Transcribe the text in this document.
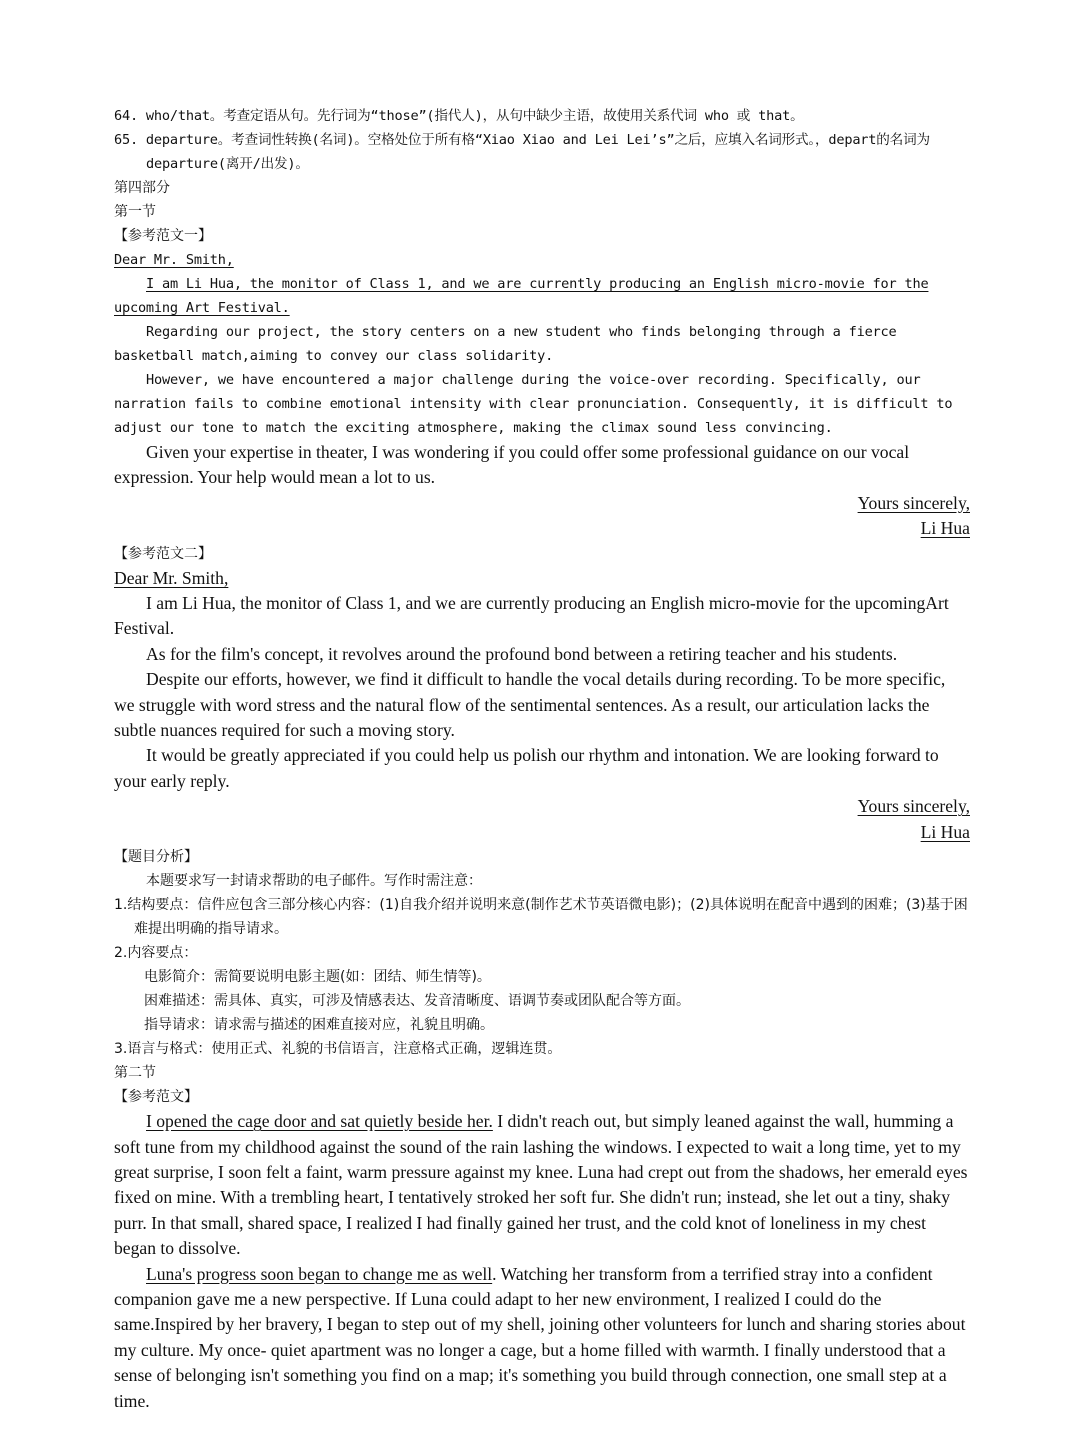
64. who/that。考查定语从句。先行词为“those”(指代人)，从句中缺少主语，故使用关系代词 who 或 that。

65. departure。考查词性转换(名词)。空格处位于所有格“Xiao Xiao and Lei Lei’s”之后，应填入名词形式。，depart的名词为 departure(离开/出发)。

第四部分

第一节

【参考范文一】

Dear Mr. Smith,

I am Li Hua, the monitor of Class 1, and we are currently producing an English micro-movie for the upcoming Art Festival.

Regarding our project, the story centers on a new student who finds belonging through a fierce basketball match,aiming to convey our class solidarity.

However, we have encountered a major challenge during the voice-over recording. Specifically, our narration fails to combine emotional intensity with clear pronunciation. Consequently, it is difficult to adjust our tone to match the exciting atmosphere, making the climax sound less convincing.

Given your expertise in theater, I was wondering if you could offer some professional guidance on our vocal expression. Your help would mean a lot to us.

Yours sincerely,

Li Hua

【参考范文二】

Dear Mr. Smith,

I am Li Hua, the monitor of Class 1, and we are currently producing an English micro-movie for the upcomingArt Festival.

As for the film's concept, it revolves around the profound bond between a retiring teacher and his students.

Despite our efforts, however, we find it difficult to handle the vocal details during recording. To be more specific, we struggle with word stress and the natural flow of the sentimental sentences. As a result, our articulation lacks the subtle nuances required for such a moving story.

It would be greatly appreciated if you could help us polish our rhythm and intonation. We are looking forward to your early reply.

Yours sincerely,

Li Hua

【题目分析】

本题要求写一封请求帮助的电子邮件。写作时需注意：

1.结构要点：信件应包含三部分核心内容：(1)自我介绍并说明来意(制作艺术节英语微电影)；(2)具体说明在配音中遇到的困难；(3)基于困难提出明确的指导请求。

2.内容要点：

电影简介：需简要说明电影主题(如：团结、师生情等)。

困难描述：需具体、真实，可涉及情感表达、发音清晰度、语调节奏或团队配合等方面。

指导请求：请求需与描述的困难直接对应，礼貌且明确。

3.语言与格式：使用正式、礼貌的书信语言，注意格式正确，逻辑连贯。

第二节

【参考范文】

I opened the cage door and sat quietly beside her. I didn't reach out, but simply leaned against the wall, humming a soft tune from my childhood against the sound of the rain lashing the windows. I expected to wait a long time, yet to my great surprise, I soon felt a faint, warm pressure against my knee. Luna had crept out from the shadows, her emerald eyes fixed on mine. With a trembling heart, I tentatively stroked her soft fur. She didn't run; instead, she let out a tiny, shaky purr. In that small, shared space, I realized I had finally gained her trust, and the cold knot of loneliness in my chest began to dissolve.

Luna's progress soon began to change me as well. Watching her transform from a terrified stray into a confident companion gave me a new perspective. If Luna could adapt to her new environment, I realized I could do the same.Inspired by her bravery, I began to step out of my shell, joining other volunteers for lunch and sharing stories about my culture. My once- quiet apartment was no longer a cage, but a home filled with warmth. I finally understood that a sense of belonging isn't something you find on a map; it's something you build through connection, one small step at a time.
